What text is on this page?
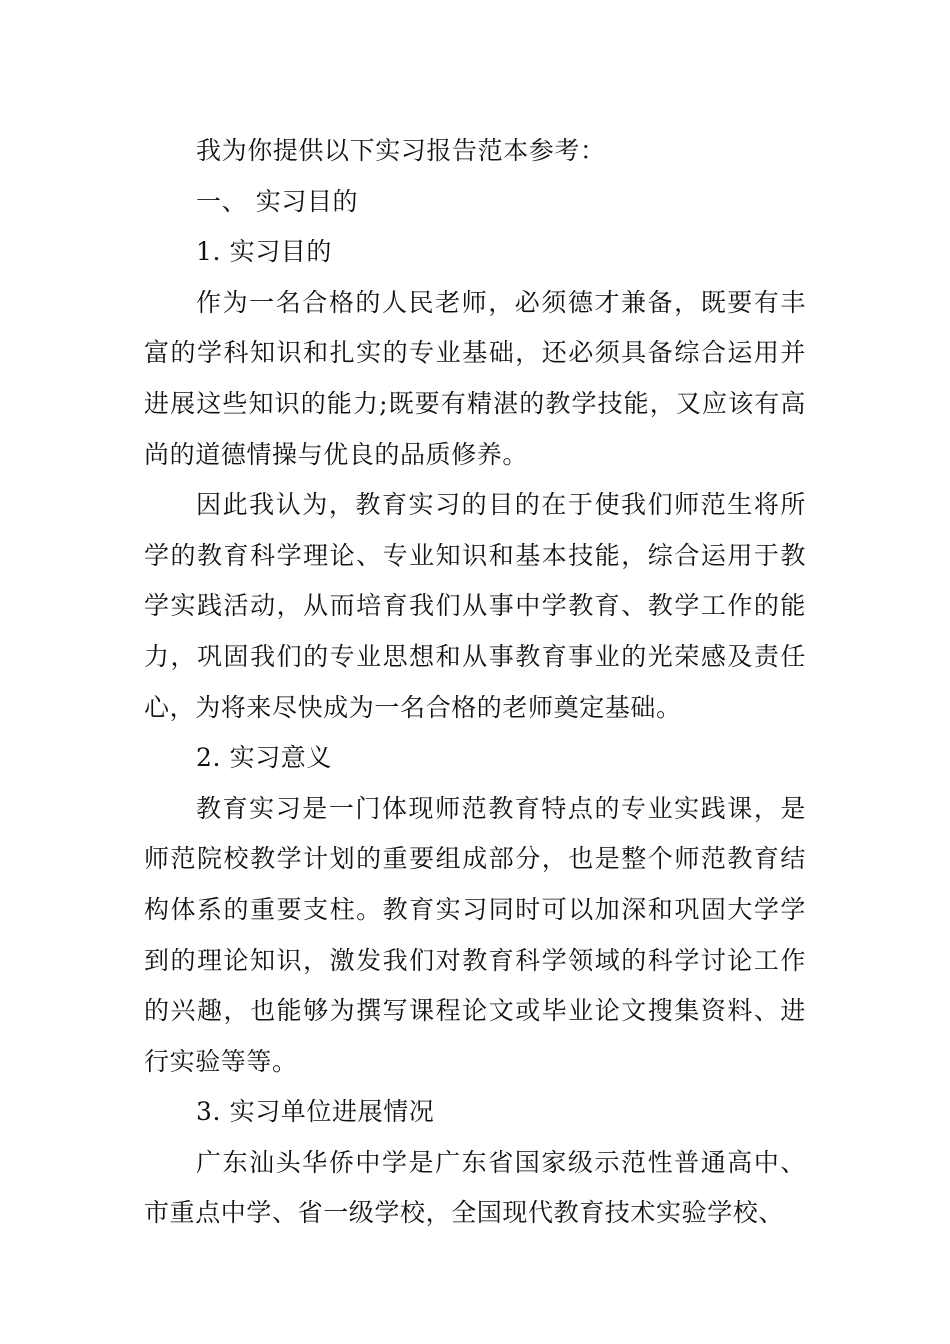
我为你提供以下实习报告范本参考：

一、 实习目的

1. 实习目的

作为一名合格的人民老师，必须德才兼备，既要有丰富的学科知识和扎实的专业基础，还必须具备综合运用并进展这些知识的能力;既要有精湛的教学技能，又应该有高尚的道德情操与优良的品质修养。

因此我认为，教育实习的目的在于使我们师范生将所学的教育科学理论、专业知识和基本技能，综合运用于教学实践活动，从而培育我们从事中学教育、教学工作的能力，巩固我们的专业思想和从事教育事业的光荣感及责任心，为将来尽快成为一名合格的老师奠定基础。

2. 实习意义

教育实习是一门体现师范教育特点的专业实践课，是师范院校教学计划的重要组成部分，也是整个师范教育结构体系的重要支柱。教育实习同时可以加深和巩固大学学到的理论知识，激发我们对教育科学领域的科学讨论工作的兴趣，也能够为撰写课程论文或毕业论文搜集资料、进行实验等等。

3. 实习单位进展情况

广东汕头华侨中学是广东省国家级示范性普通高中、市重点中学、省一级学校，全国现代教育技术实验学校、
